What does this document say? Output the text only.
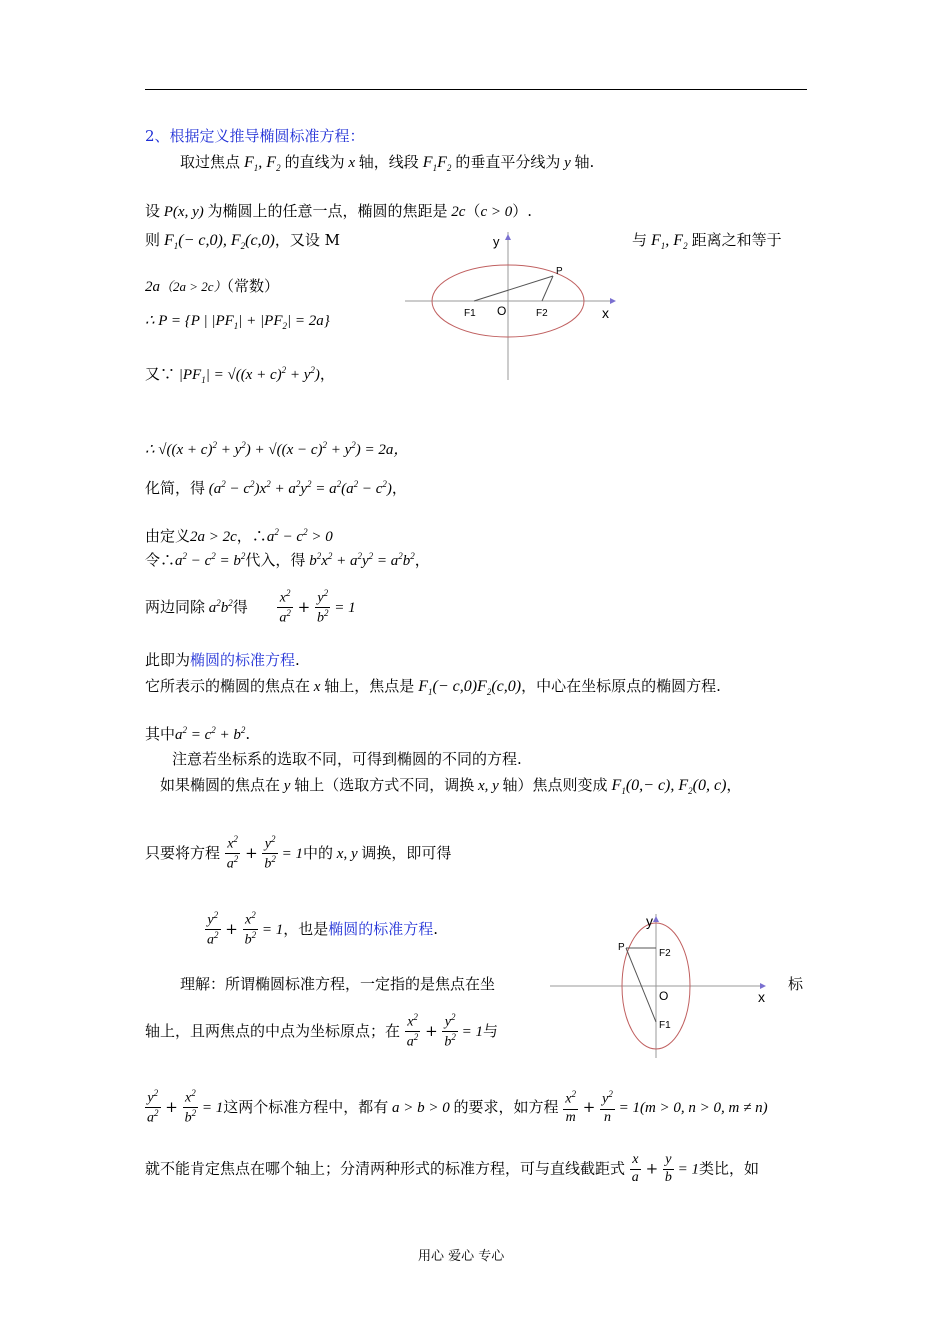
2、根据定义推导椭圆标准方程：
取过焦点 $F_1$, $F_2$ 的直线为 x 轴，线段 $F_1F_2$ 的垂直平分线为 y 轴.
设 P(x, y) 为椭圆上的任意一点，椭圆的焦距是 2c（c > 0）.
则 $F_1(- c,0)$, $F_2(c,0)$，又设 M	与 $F_1$, $F_2$ 距离之和等于
2a（2a > 2c）（常数）
∴ P = {P | $|PF_1| + |PF_2| = 2a$}
又∵ $|PF_1| = √((x + c)^2 + y^2)$，
∴ $√((x + c)^2 + y^2) + √((x - c)^2 + y^2) = 2a$，
化简，得 $(a^2 - c^2)x^2 + a^2y^2 = a^2(a^2 - c^2)$，
由定义2a > 2c，$\therefore a^2 - c^2 > 0$
令$\therefore a^2 - c^2 = b^2$代入，得 $b^2x^2 + a^2y^2 = a^2b^2$，
两边同除 $a^2b^2$得 $\frac{x^2}{a^2} + \frac{y^2}{b^2} = 1$
此即为椭圆的标准方程.
它所表示的椭圆的焦点在 x 轴上，焦点是 $F_1(- c,0)F_2(c,0)$，中心在坐标原点的椭圆方程.
其中$a^2 = c^2 + b^2$.
注意若坐标系的选取不同，可得到椭圆的不同的方程.
如果椭圆的焦点在 y 轴上（选取方式不同，调换 x, y 轴）焦点则变成 $F_1(0,- c)$, $F_2(0$, c)，
只要将方程 $\frac{x^2}{a^2} + \frac{y^2}{b^2} = 1$中的 x, y 调换，即可得
$\frac{y^2}{a^2} + \frac{x^2}{b^2} = 1$，也是椭圆的标准方程.
理解：所谓椭圆标准方程，一定指的是焦点在坐	标
轴上，且两焦点的中点为坐标原点；在 $\frac{x^2}{a^2} + \frac{y^2}{b^2} = 1$与
$\frac{y^2}{a^2} + \frac{x^2}{b^2} = 1$这两个标准方程中，都有 a > b > 0 的要求，如方程 $\frac{x^2}{m} + \frac{y^2}{n} = 1(m > 0$, n > 0, m ≠ n)
就不能肯定焦点在哪个轴上；分清两种形式的标准方程，可与直线截距式 $\frac{x}{a} + \frac{y}{b} = 1$类比，如
用心 爱心 专心
y
x
O
F1	F2
P
y
x
O
F2
F1
P
